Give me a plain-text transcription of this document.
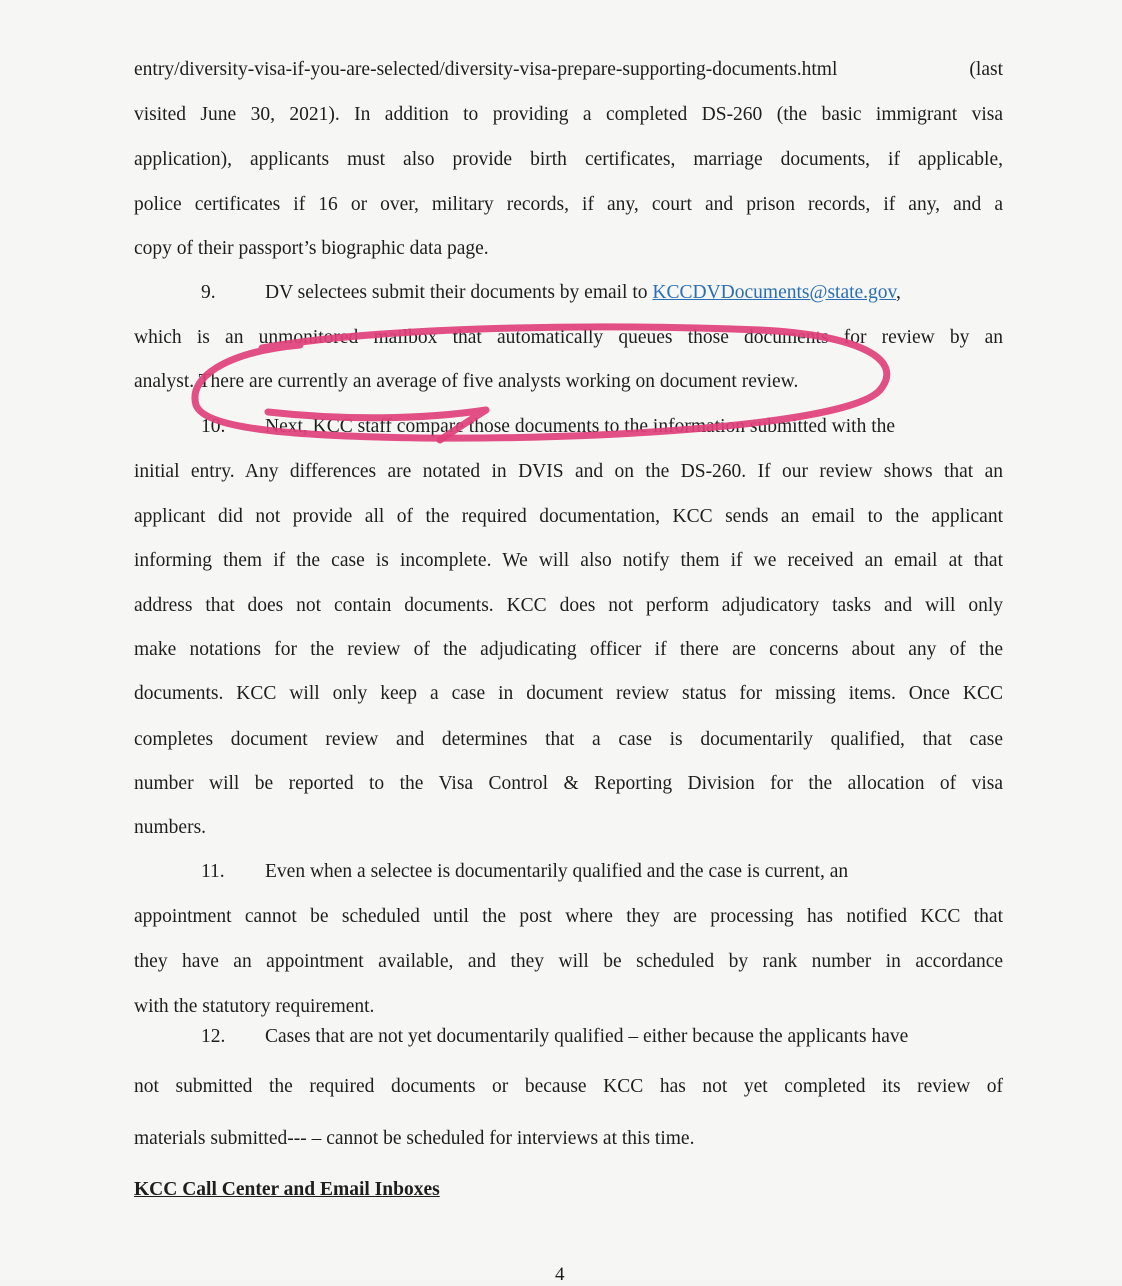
entry/diversity-visa-if-you-are-selected/diversity-visa-prepare-supporting-documents.html (last
visited June 30, 2021). In addition to providing a completed DS-260 (the basic immigrant visa
application), applicants must also provide birth certificates, marriage documents, if applicable,
police certificates if 16 or over, military records, if any, court and prison records, if any, and a
copy of their passport’s biographic data page.
9.	DV selectees submit their documents by email to KCCDVDocuments@state.gov,
which is an unmonitored mailbox that automatically queues those documents for review by an
analyst. There are currently an average of five analysts working on document review.
10. Next, KCC staff compare those documents to the information submitted with the
initial entry. Any differences are notated in DVIS and on the DS-260. If our review shows that an
applicant did not provide all of the required documentation, KCC sends an email to the applicant
informing them if the case is incomplete. We will also notify them if we received an email at that
address that does not contain documents. KCC does not perform adjudicatory tasks and will only
make notations for the review of the adjudicating officer if there are concerns about any of the
documents. KCC will only keep a case in document review status for missing items. Once KCC
completes document review and determines that a case is documentarily qualified, that case
number will be reported to the Visa Control & Reporting Division for the allocation of visa
numbers.
11. Even when a selectee is documentarily qualified and the case is current, an
appointment cannot be scheduled until the post where they are processing has notified KCC that
they have an appointment available, and they will be scheduled by rank number in accordance
with the statutory requirement.
12. Cases that are not yet documentarily qualified – either because the applicants have
not submitted the required documents or because KCC has not yet completed its review of
materials submitted--- – cannot be scheduled for interviews at this time.
KCC Call Center and Email Inboxes
4
